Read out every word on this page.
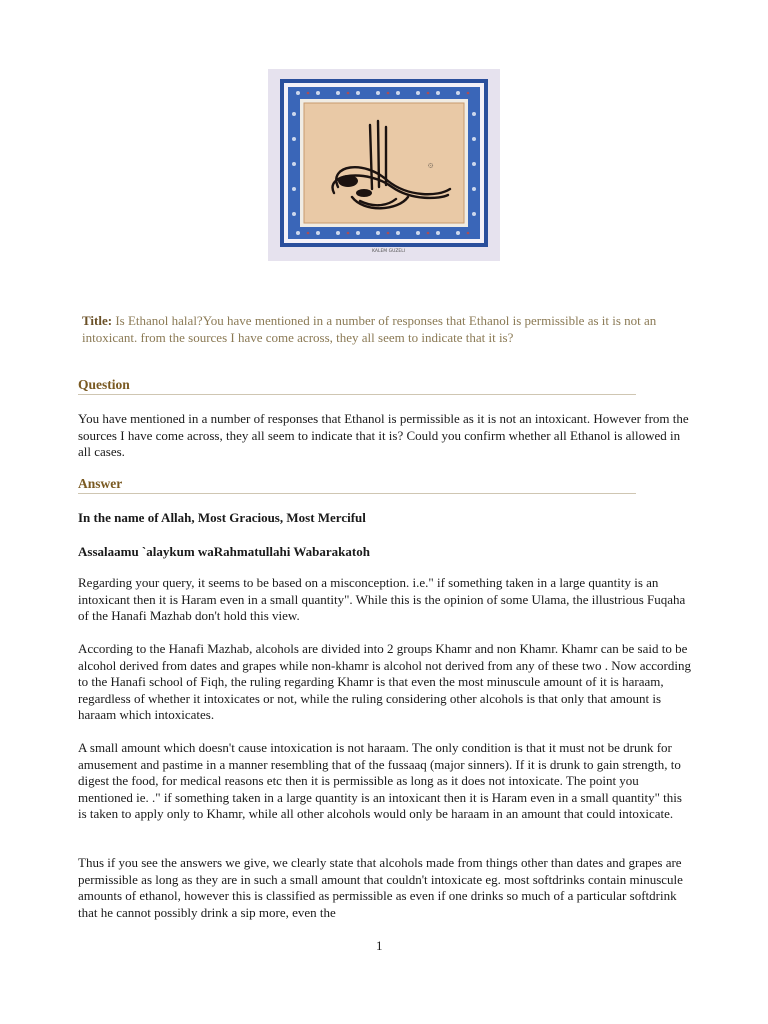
۞
KALEM GUZELI
Title: Is Ethanol halal?You have mentioned in a number of responses that Ethanol is permissible as it is not an intoxicant. from the sources I have come across, they all seem to indicate that it is?
Question

You have mentioned in a number of responses that Ethanol is permissible as it is not an intoxicant. However from the sources I have come across, they all seem to indicate that it is? Could you confirm whether all Ethanol is allowed in all cases.

Answer

In the name of Allah, Most Gracious, Most Merciful

Assalaamu `alaykum waRahmatullahi Wabarakatoh

Regarding your query, it seems to be based on a misconception. i.e." if something taken in a large quantity is an intoxicant then it is Haram even in a small quantity". While this is the opinion of some Ulama, the illustrious Fuqaha of the Hanafi Mazhab don't hold this view.

According to the Hanafi Mazhab, alcohols are divided into 2 groups Khamr and non Khamr. Khamr can be said to be alcohol derived from dates and grapes while non-khamr is alcohol not derived from any of these two . Now according to the Hanafi school of Fiqh, the ruling regarding Khamr is that even the most minuscule amount of it is haraam, regardless of whether it intoxicates or not, while the ruling considering other alcohols is that only that amount is haraam which intoxicates.

A small amount which doesn't cause intoxication is not haraam. The only condition is that it must not be drunk for amusement and pastime in a manner resembling that of the fussaaq (major sinners). If it is drunk to gain strength, to digest the food, for medical reasons etc then it is permissible as long as it does not intoxicate. The point you mentioned ie. ." if something taken in a large quantity is an intoxicant then it is Haram even in a small quantity" this is taken to apply only to Khamr, while all other alcohols would only be haraam in an amount that could intoxicate.

Thus if you see the answers we give, we clearly state that alcohols made from things other than dates and grapes are permissible as long as they are in such a small amount that couldn't intoxicate eg. most softdrinks contain minuscule amounts of ethanol, however this is classified as permissible as even if one drinks so much of a particular softdrink that he cannot possibly drink a sip more, even the

1
